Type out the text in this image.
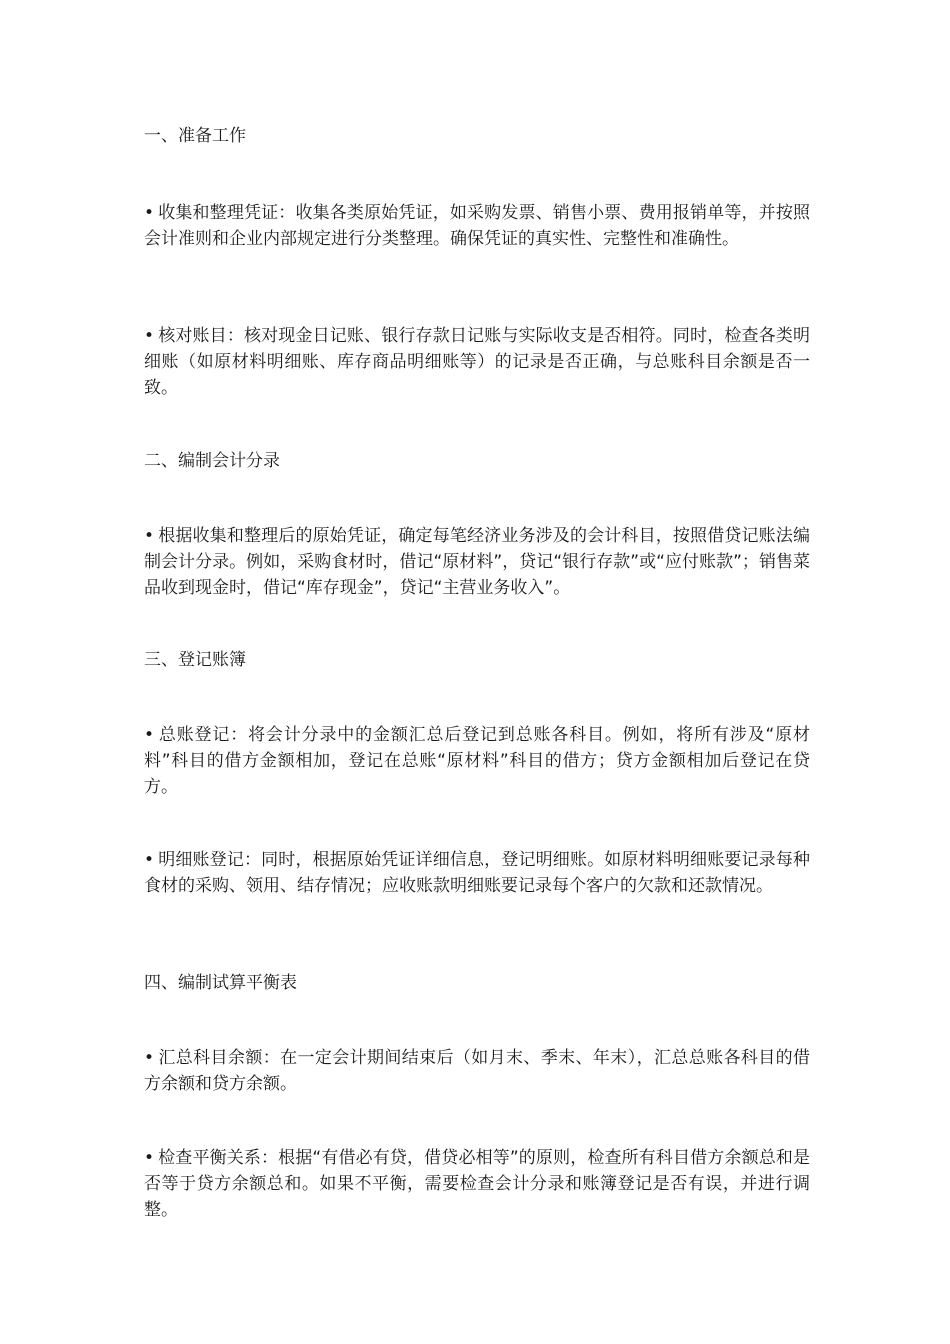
一、准备工作

• 收集和整理凭证：收集各类原始凭证，如采购发票、销售小票、费用报销单等，并按照会计准则和企业内部规定进行分类整理。确保凭证的真实性、完整性和准确性。

• 核对账目：核对现金日记账、银行存款日记账与实际收支是否相符。同时，检查各类明细账（如原材料明细账、库存商品明细账等）的记录是否正确，与总账科目余额是否一致。

二、编制会计分录

• 根据收集和整理后的原始凭证，确定每笔经济业务涉及的会计科目，按照借贷记账法编制会计分录。例如，采购食材时，借记“原材料”，贷记“银行存款”或“应付账款”；销售菜品收到现金时，借记“库存现金”，贷记“主营业务收入”。

三、登记账簿

• 总账登记：将会计分录中的金额汇总后登记到总账各科目。例如，将所有涉及“原材料”科目的借方金额相加，登记在总账“原材料”科目的借方；贷方金额相加后登记在贷方。

• 明细账登记：同时，根据原始凭证详细信息，登记明细账。如原材料明细账要记录每种食材的采购、领用、结存情况；应收账款明细账要记录每个客户的欠款和还款情况。

四、编制试算平衡表

• 汇总科目余额：在一定会计期间结束后（如月末、季末、年末），汇总总账各科目的借方余额和贷方余额。

• 检查平衡关系：根据“有借必有贷，借贷必相等”的原则，检查所有科目借方余额总和是否等于贷方余额总和。如果不平衡，需要检查会计分录和账簿登记是否有误，并进行调整。
